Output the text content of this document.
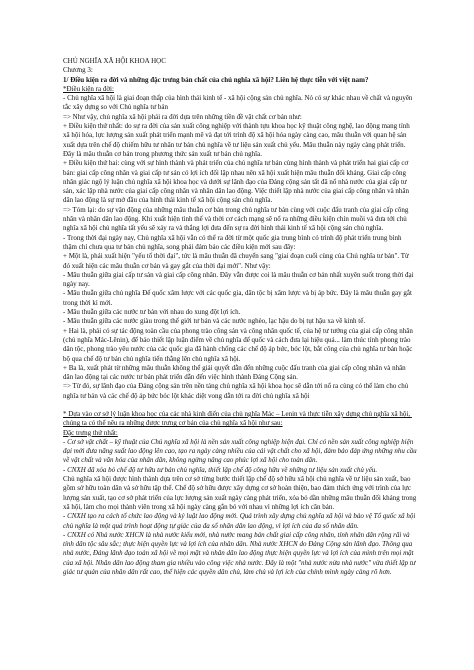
CHỦ NGHĨA XÃ HỘI KHOA HỌC

Chương 3:

1/ Điều kiện ra đời và những đặc trưng bản chất của chủ nghĩa xã hội? Liên hệ thực tiễn với việt nam?

*Điều kiện ra đời:

- Chủ nghĩa xã hội là giai đoạn thấp của hình thái kinh tế - xã hội cộng sản chủ nghĩa. Nó có sự khác nhau về chất và nguyên tắc xây dựng so với Chủ nghĩa tư bản

=> Như vậy, chủ nghĩa xã hội phải ra đời dựa trên những tiền đề vật chất cơ bản như:

+ Điều kiện thứ nhất: do sự ra đời của sản xuất công nghiệp với thành tựu khoa học kỹ thuật công nghệ, lao động mang tính xã hội hóa, lực lượng sản xuất phát triển mạnh mẽ và đạt tới trình độ xã hội hóa ngày càng cao, mâu thuẫn với quan hệ sản xuất dựa trên chế độ chiếm hữu tư nhân tư bản chủ nghĩa về tư liệu sản xuất chủ yếu. Mâu thuẫn này ngày càng phát triển. Đây là mâu thuẫn cơ bản trong phương thức sản xuất tư bản chủ nghĩa.

+ Điều kiện thứ hai: cùng với sự hình thành và phát triển của chủ nghĩa tư bản cùng hình thành và phát triển hai giai cấp cơ bản: giai cấp công nhân và giai cấp tư sản có lợi ích đối lập nhau nên xã hội xuất hiện mâu thuẫn đối kháng. Giai cấp công nhân giác ngộ lý luận chủ nghĩa xã hội khoa học và dưới sự lãnh đạo của Đảng cộng sản tất đã nổ nhà nước của giai cấp tư sản, xác lập nhà nước của giai cấp công nhân và nhân dân lao động. Việc thiết lập nhà nước của giai cấp công nhân và nhân dân lao động là sự mở đầu của hình thái kinh tế xã hội cộng sản chủ nghĩa.

=> Tóm lại: do sự vận động của những mâu thuẫn cơ bản trong chủ nghĩa tư bản cùng với cuộc đấu tranh của giai cấp công nhân và nhân dân lao động. Khi xuất hiện tình thế và thời cơ cách mạng sẽ nổ ra những điều kiện chín muồi và đưa tới chủ nghĩa xã hội chủ nghĩa tất yếu sẽ xảy ra và thắng lợi đưa đến sự ra đời hình thái kinh tế xã hội cộng sản chủ nghĩa.

- Trong thời đại ngày nay, Chủ nghĩa xã hội vẫn có thể ra đời từ một quốc gia trung bình có trình độ phát triển trung bình thậm chí chưa qua tư bản chủ nghĩa, song phải đảm bảo các điều kiện mới sau đây:

+ Một là, phải xuất hiện "yếu tố thời đại", tức là mâu thuẫn đã chuyển sang "giai đoạn cuối cùng của Chủ nghĩa tư bản". Từ đó xuất hiện các mâu thuẫn cơ bản và gay gắt của thời đại mới". Như vậy:

- Mâu thuẫn giữa giai cấp tư sản và giai cấp công nhân. Đây vẫn được coi là mâu thuẫn cơ bản nhất xuyên suốt trong thời đại ngày nay.

- Mâu thuẫn giữa chủ nghĩa Đế quốc xâm lược với các quốc gia, dân tộc bị xâm lược và bị áp bức. Đây là mâu thuẫn gay gắt trong thời kì mới.

- Mâu thuẫn giữa các nước tư bản với nhau do xung đột lợi ích.

- Mâu thuẫn giữa các nước giàu trong thế giới tư bản và các nước nghèo, lạc hậu do bị tụt hậu xa về kinh tế.

+ Hai là, phải có sự tác động toàn cầu của phong trào công sản và công nhân quốc tế, của hệ tư tưởng của giai cấp công nhân (chủ nghĩa Mác-Lênin), để bảo thiết lập luận điểm về chủ nghĩa để quốc và cách đưa lại hiệu quả... làm thúc tính phong trào dân tộc, phong trào yêu nước của các quốc gia đã hành chống các chế độ áp bức, bóc lột, bắt công của chủ nghĩa tư bản hoặc bộ qua chế độ tư bản chủ nghĩa tiến thẳng lên chủ nghĩa xã hội.

+ Ba là, xuất phát từ những mâu thuẫn không thể giải quyết dẫn đến những cuộc đấu tranh của giai cấp công nhân và nhân dân lao động tại các nước tư bản phát triển dẫn đến việc hình thành Đảng Cộng sản.

=> Từ đó, sự lãnh đạo của Đảng cộng sản trên nền tảng chủ nghĩa xã hội khoa học sẽ dẫn tới nổ ra cùng có thể làm cho chủ nghĩa tư bản và các chế độ áp bức bóc lột khác diệt vong dẫn tới ra đời chủ nghĩa xã hội

* Dựa vào cơ sở lý luận khoa học của các nhà kinh điển của chủ nghĩa Mác – Lenin và thực tiễn xây dựng chủ nghĩa xã hội, chúng ta có thể nêu ra những được trưng cơ bản của chủ nghĩa xã hội như sau:

Đặc trưng thứ nhất:

- Cơ sở vật chất – kỹ thuật của Chủ nghĩa xã hội là nền sản xuất công nghiệp hiện đại. Chỉ có nền sản xuất công nghiệp hiện đại mới đưa năng suất lao động lên cao, tạo ra ngày càng nhiều của cải vật chất cho xã hội, đảm bảo đáp ứng những nhu cầu về vật chất và văn hóa của nhân dân, không ngừng nâng cao phúc lợi xã hội cho toàn dân.

- CNXH đã xóa bỏ chế độ tư hữu tư bản chủ nghĩa, thiết lập chế độ công hữu về những tư liệu sản xuất chủ yếu.

Chủ nghĩa xã hội được hình thành dựa trên cơ sở từng bước thiết lập chế độ sở hữu xã hội chủ nghĩa về tư liệu sản xuất, bao gồm sở hữu toàn dân và sở hữu tập thể. Chế độ sở hữu được xây dựng cơ sở hoàn thiện, bao đảm thích ứng với trình của lực lượng sản xuất, tạo cơ sở phát triển của lực lượng sản xuất ngày càng phát triển, xóa bỏ dần những mâu thuẫn đối kháng trong xã hội, làm cho mọi thành viên trong xã hội ngày càng gắn bó với nhau vì những lợi ích căn bản.

- CNXH tạo ra cách tổ chức lao động và kỷ luật lao động mới. Quá trình xây dựng chủ nghĩa xã hội và bảo vệ Tổ quốc xã hội chủ nghĩa là một quá trình hoạt động tự giác của đa số nhân dân lao động, vì lợi ích của đa số nhân dân.

- CNXH có Nhà nước XHCN là nhà nước kiểu mới, nhà nước mang bản chất giai cấp công nhân, tính nhân dân rộng rãi và tính dân tộc sâu sắc; thực hiện quyền lực và lợi ích của nhân dân. Nhà nước XHCN do Đảng Cộng sản lãnh đạo. Thông qua nhà nước, Đảng lãnh đạo toàn xã hội về mọi mặt và nhân dân lao động thực hiện quyền lực và lợi ích của mình trên mọi mặt của xã hội. Nhân dân lao động tham gia nhiều vào công việc nhà nước. Đây là một "nhà nước nửa nhà nước" vừa thiết lập tư giác tư quản của nhân dân rất cao, thể hiện các quyền dân chủ, làm chủ và lợi ích của chính mình ngày càng rõ hơn.
